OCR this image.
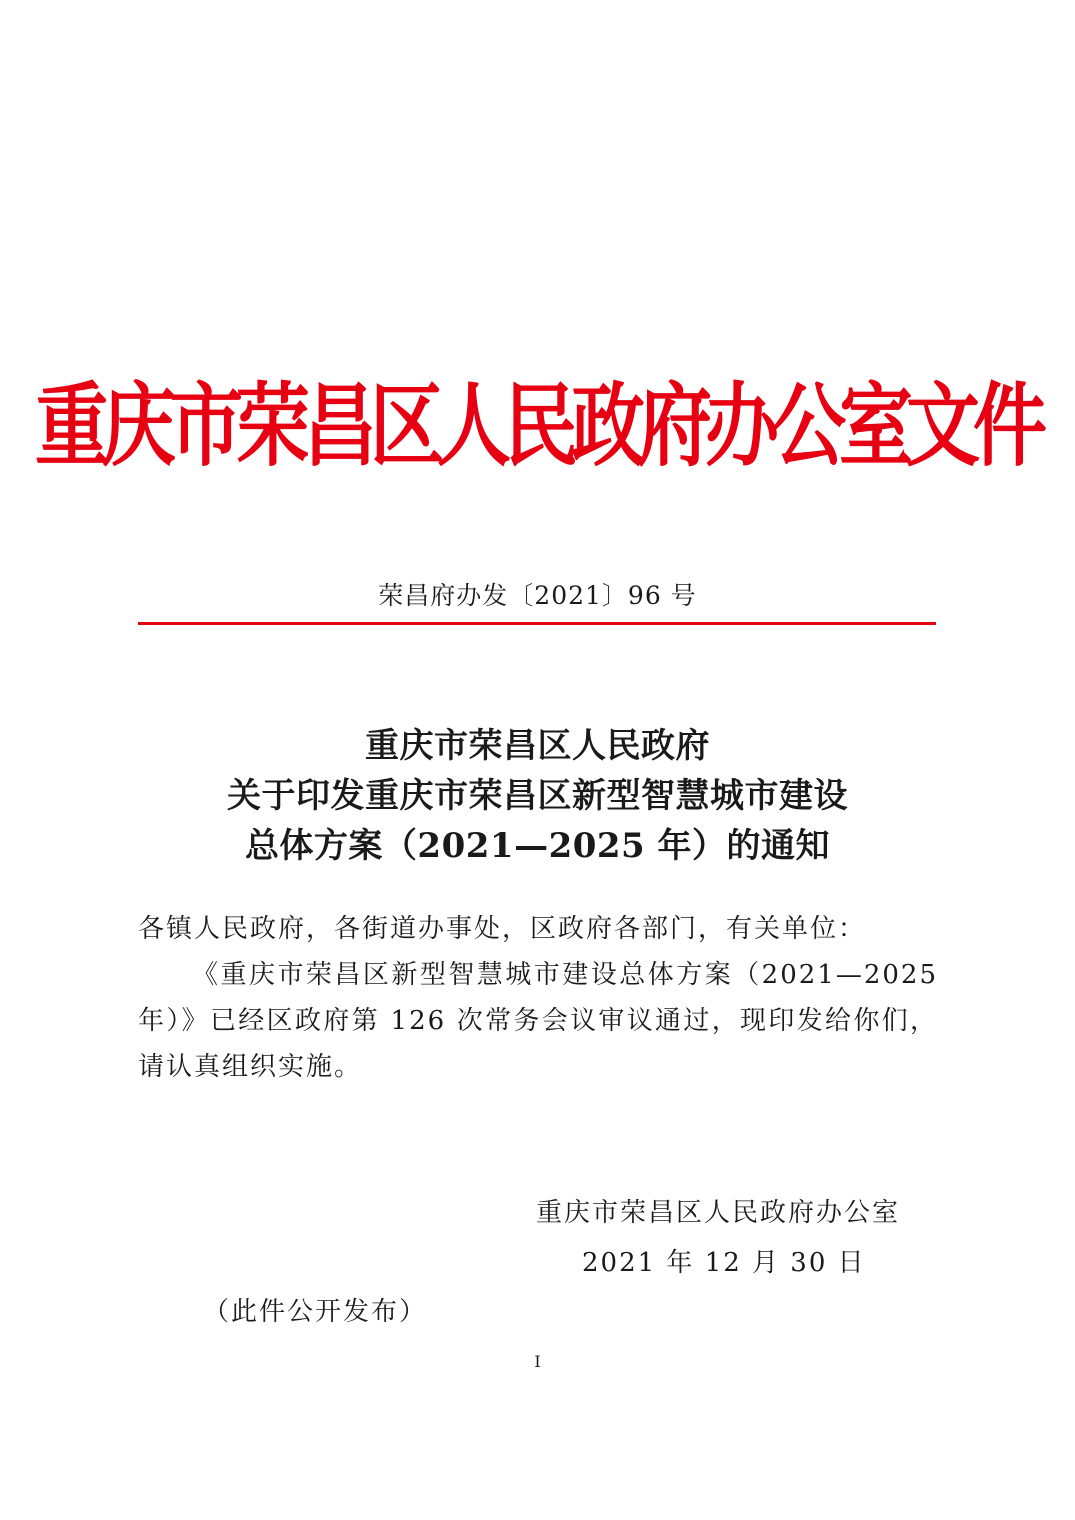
重庆市荣昌区人民政府办公室文件
荣昌府办发〔2021〕96 号
重庆市荣昌区人民政府
关于印发重庆市荣昌区新型智慧城市建设
总体方案（2021—2025 年）的通知

各镇人民政府，各街道办事处，区政府各部门，有关单位：

《重庆市荣昌区新型智慧城市建设总体方案（2021—2025 年）》已经区政府第 126 次常务会议审议通过，现印发给你们，请认真组织实施。

重庆市荣昌区人民政府办公室
2021 年 12 月 30 日
（此件公开发布）
I
